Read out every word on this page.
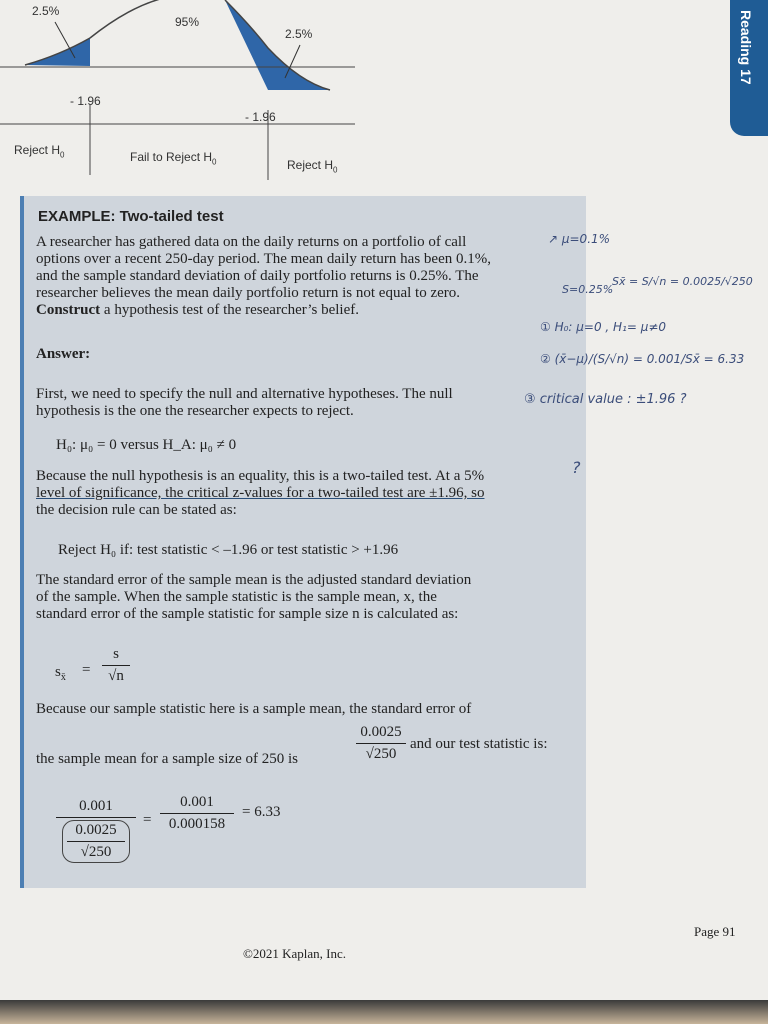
2.5%
95%
2.5%
- 1.96
- 1.96
Reject $H_0$	Fail to Reject $H_0$	Reject $H_0$
Reading 17
EXAMPLE: Two-tailed test
A researcher has gathered data on the daily returns on a portfolio of call
options over a recent 250-day period. The mean daily return has been 0.1%,
and the sample standard deviation of daily portfolio returns is 0.25%. The
researcher believes the mean daily portfolio return is not equal to zero.
Construct a hypothesis test of the researcher’s belief.
Answer:
First, we need to specify the null and alternative hypotheses. The null
hypothesis is the one the researcher expects to reject.
H₀: μ₀ = 0 versus H_A: μ₀ ≠ 0
Because the null hypothesis is an equality, this is a two-tailed test. At a 5%
level of significance, the critical z-values for a two-tailed test are ±1.96, so
the decision rule can be stated as:
Reject H₀ if: test statistic < –1.96 or test statistic > +1.96
The standard error of the sample mean is the adjusted standard deviation
of the sample. When the sample statistic is the sample mean, x, the
standard error of the sample statistic for sample size n is calculated as:
$s_{x̄}$ =
s
√n
Because our sample statistic here is a sample mean, the standard error of
the sample mean for a sample size of 250 is
0.0025
√250
and our test statistic is:
0.001
0.0025
√250 =
0.001
0.000158
= 6.33
↗ μ=0.1%
S=0.25%
Sx̄ = S/√n = 0.0025/√250
① H₀: μ=0 , H₁= μ≠0
② (x̄−μ)/(S/√n) = 0.001/Sx̄ = 6.33
③ critical value : ±1.96 ?
?
Page 91
©2021 Kaplan, Inc.
